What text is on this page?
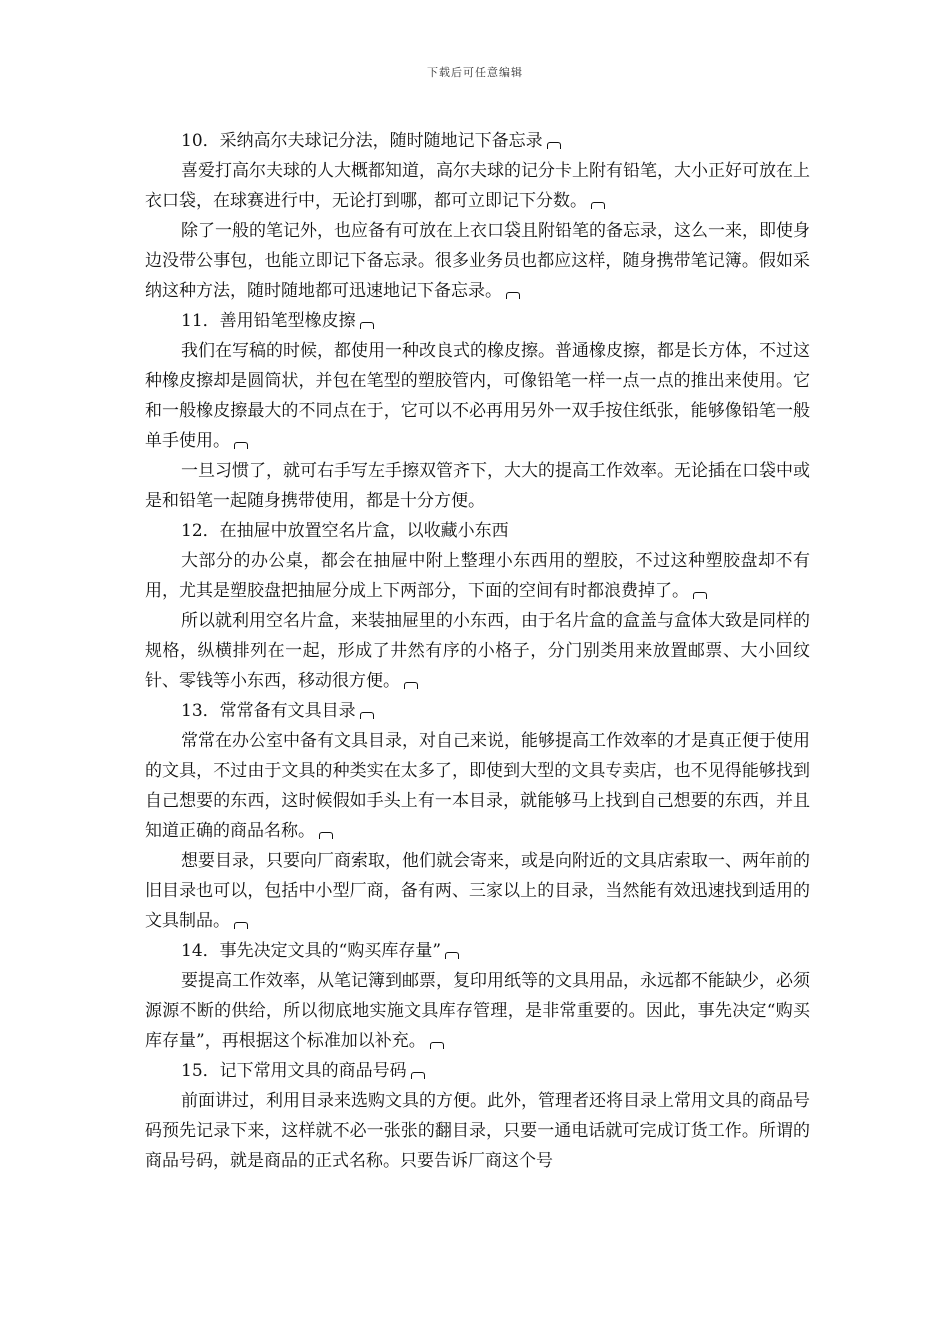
下载后可任意编辑

10．采纳高尔夫球记分法，随时随地记下备忘录

喜爱打高尔夫球的人大概都知道，高尔夫球的记分卡上附有铅笔，大小正好可放在上衣口袋，在球赛进行中，无论打到哪，都可立即记下分数。

除了一般的笔记外，也应备有可放在上衣口袋且附铅笔的备忘录，这么一来，即使身边没带公事包，也能立即记下备忘录。很多业务员也都应这样，随身携带笔记簿。假如采纳这种方法，随时随地都可迅速地记下备忘录。

11．善用铅笔型橡皮擦

我们在写稿的时候，都使用一种改良式的橡皮擦。普通橡皮擦，都是长方体，不过这种橡皮擦却是圆筒状，并包在笔型的塑胶管内，可像铅笔一样一点一点的推出来使用。它和一般橡皮擦最大的不同点在于，它可以不必再用另外一双手按住纸张，能够像铅笔一般单手使用。

一旦习惯了，就可右手写左手擦双管齐下，大大的提高工作效率。无论插在口袋中或是和铅笔一起随身携带使用，都是十分方便。

12．在抽屉中放置空名片盒，以收藏小东西

大部分的办公桌，都会在抽屉中附上整理小东西用的塑胶，不过这种塑胶盘却不有用，尤其是塑胶盘把抽屉分成上下两部分，下面的空间有时都浪费掉了。

所以就利用空名片盒，来装抽屉里的小东西，由于名片盒的盒盖与盒体大致是同样的规格，纵横排列在一起，形成了井然有序的小格子，分门别类用来放置邮票、大小回纹针、零钱等小东西，移动很方便。

13．常常备有文具目录

常常在办公室中备有文具目录，对自己来说，能够提高工作效率的才是真正便于使用的文具，不过由于文具的种类实在太多了，即使到大型的文具专卖店，也不见得能够找到自己想要的东西，这时候假如手头上有一本目录，就能够马上找到自己想要的东西，并且知道正确的商品名称。

想要目录，只要向厂商索取，他们就会寄来，或是向附近的文具店索取一、两年前的旧目录也可以，包括中小型厂商，备有两、三家以上的目录，当然能有效迅速找到适用的文具制品。

14．事先决定文具的“购买库存量”

要提高工作效率，从笔记簿到邮票，复印用纸等的文具用品，永远都不能缺少，必须源源不断的供给，所以彻底地实施文具库存管理，是非常重要的。因此，事先决定“购买库存量”，再根据这个标准加以补充。

15．记下常用文具的商品号码

前面讲过，利用目录来选购文具的方便。此外，管理者还将目录上常用文具的商品号码预先记录下来，这样就不必一张张的翻目录，只要一通电话就可完成订货工作。所谓的商品号码，就是商品的正式名称。只要告诉厂商这个号
